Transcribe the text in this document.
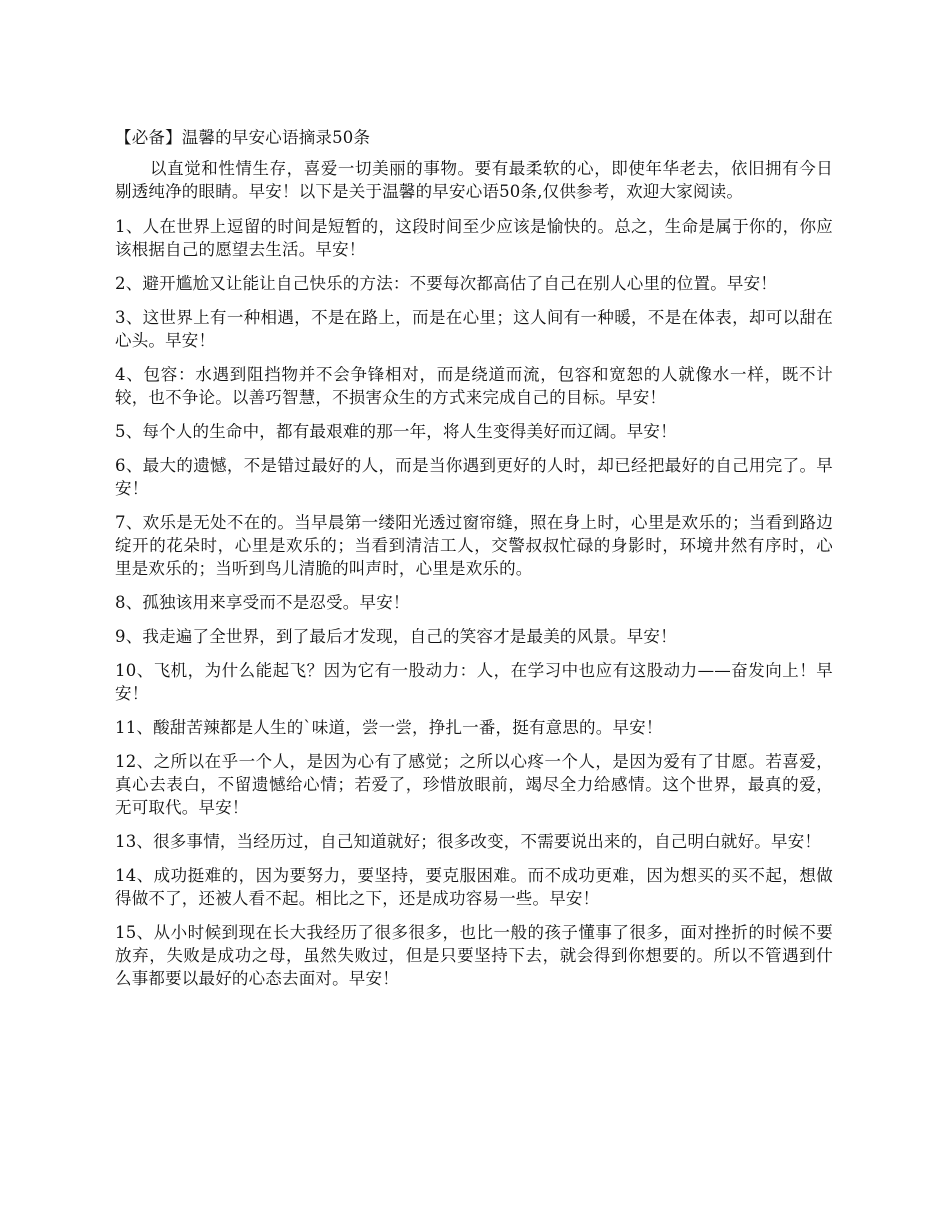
【必备】温馨的早安心语摘录50条

以直觉和性情生存，喜爱一切美丽的事物。要有最柔软的心，即使年华老去，依旧拥有今日剔透纯净的眼睛。早安！以下是关于温馨的早安心语50条,仅供参考，欢迎大家阅读。

1、人在世界上逗留的时间是短暂的，这段时间至少应该是愉快的。总之，生命是属于你的，你应该根据自己的愿望去生活。早安！

2、避开尴尬又让能让自己快乐的方法：不要每次都高估了自己在别人心里的位置。早安！

3、这世界上有一种相遇，不是在路上，而是在心里；这人间有一种暖，不是在体表，却可以甜在心头。早安！

4、包容：水遇到阻挡物并不会争锋相对，而是绕道而流，包容和宽恕的人就像水一样，既不计较，也不争论。以善巧智慧，不损害众生的方式来完成自己的目标。早安！

5、每个人的生命中，都有最艰难的那一年，将人生变得美好而辽阔。早安！

6、最大的遗憾，不是错过最好的人，而是当你遇到更好的人时，却已经把最好的自己用完了。早安！

7、欢乐是无处不在的。当早晨第一缕阳光透过窗帘缝，照在身上时，心里是欢乐的；当看到路边绽开的花朵时，心里是欢乐的；当看到清洁工人，交警叔叔忙碌的身影时，环境井然有序时，心里是欢乐的；当听到鸟儿清脆的叫声时，心里是欢乐的。

8、孤独该用来享受而不是忍受。早安！

9、我走遍了全世界，到了最后才发现，自己的笑容才是最美的风景。早安！

10、飞机，为什么能起飞？因为它有一股动力：人，在学习中也应有这股动力——奋发向上！早安！

11、酸甜苦辣都是人生的`味道，尝一尝，挣扎一番，挺有意思的。早安！

12、之所以在乎一个人，是因为心有了感觉；之所以心疼一个人，是因为爱有了甘愿。若喜爱，真心去表白，不留遗憾给心情；若爱了，珍惜放眼前，竭尽全力给感情。这个世界，最真的爱，无可取代。早安！

13、很多事情，当经历过，自己知道就好；很多改变，不需要说出来的，自己明白就好。早安！

14、成功挺难的，因为要努力，要坚持，要克服困难。而不成功更难，因为想买的买不起，想做得做不了，还被人看不起。相比之下，还是成功容易一些。早安！

15、从小时候到现在长大我经历了很多很多，也比一般的孩子懂事了很多，面对挫折的时候不要放弃，失败是成功之母，虽然失败过，但是只要坚持下去，就会得到你想要的。所以不管遇到什么事都要以最好的心态去面对。早安！
